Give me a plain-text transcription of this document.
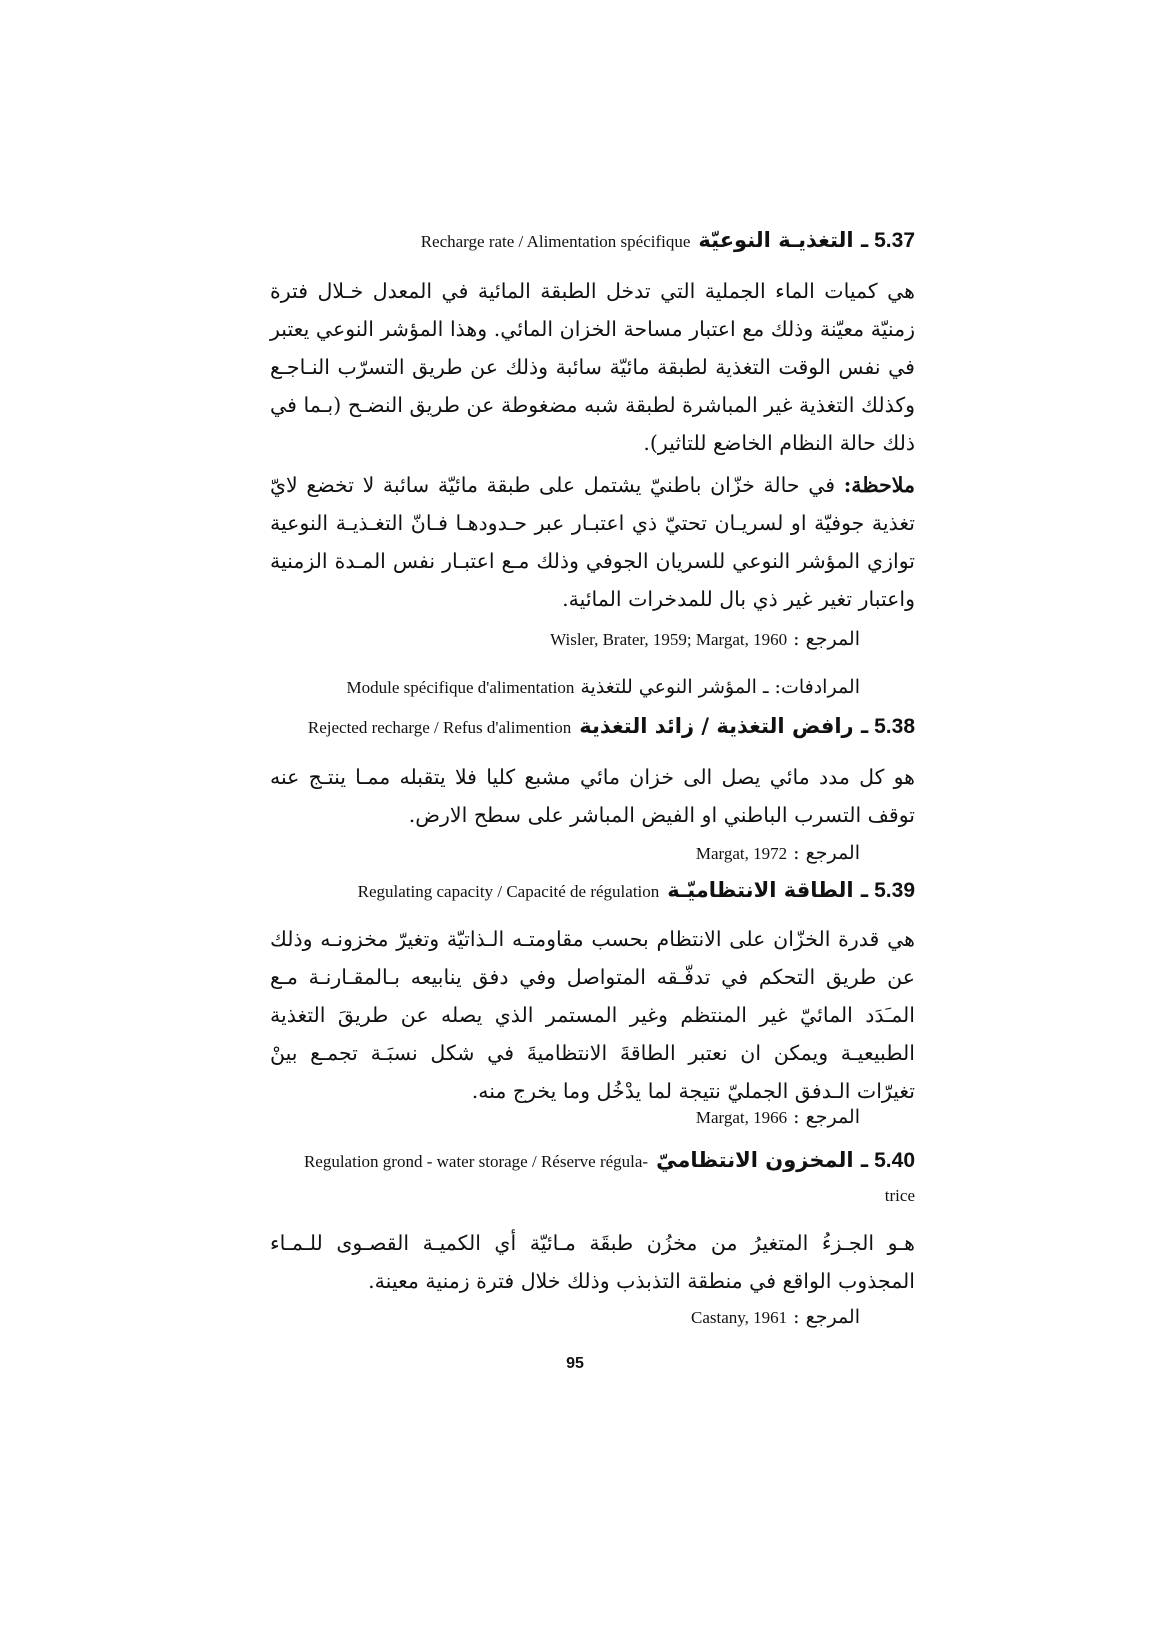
Recharge rate / Alimentation spécifique ـ التغذيـة النوعيّة 5.37
هي كميات الماء الجملية التي تدخل الطبقة المائية في المعدل خـلال فترة زمنيّة معيّنة وذلك مع اعتبار مساحة الخزان المائي. وهذا المؤشر النوعي يعتبر في نفس الوقت التغذية لطبقة مائيّة سائبة وذلك عن طريق التسرّب النـاجـع وكذلك التغذية غير المباشرة لطبقة شبه مضغوطة عن طريق النضـح (بـما في ذلك حالة النظام الخاضع للتاثير).
ملاحظة: في حالة خزّان باطنيّ يشتمل على طبقة مائيّة سائبة لا تخضع لايّ تغذية جوفيّة او لسريـان تحتيّ ذي اعتبـار عبر حـدودهـا فـانّ التغـذيـة النوعية توازي المؤشر النوعي للسريان الجوفي وذلك مـع اعتبـار نفس المـدة الزمنية واعتبار تغير غير ذي بال للمدخرات المائية.
Wisler, Brater, 1959; Margat, 1960 المرجع :
Module spécifique d'alimentation المرادفات: ـ المؤشر النوعي للتغذية
Rejected recharge / Refus d'alimention ـ رافض التغذية / زائد التغذية 5.38
هو كل مدد مائي يصل الى خزان مائي مشبع كليا فلا يتقبله ممـا ينتـج عنه توقف التسرب الباطني او الفيض المباشر على سطح الارض.
Margat, 1972 المرجع :
Regulating capacity / Capacité de régulation ـ الطاقة الانتظاميّـة 5.39
هي قدرة الخزّان على الانتظام بحسب مقاومتـه الـذاتيّة وتغيرّ مخزونـه وذلك عن طريق التحكم في تدفّـقه المتواصل وفي دفق ينابيعه بـالمقـارنـة مـع المـَدَد المائيّ غير المنتظم وغير المستمر الذي يصله عن طريقَ التغذية الطبيعيـة ويمكن ان نعتبر الطاقةَ الانتظاميةَ في شكل نسبَـة تجمـع بينْ تغيرّات الـدفق الجمليّ نتيجة لما يدْخُل وما يخرج منه.
Margat, 1966 المرجع :
Regulation grond - water storage / Réserve régula- ـ المخزون الانتظاميّ 5.40
trice
هـو الجـزءُ المتغيرُ من مخزُن طبقَة مـائيّة أي الكميـة القصـوى للـمـاء المجذوب الواقع في منطقة التذبذب وذلك خلال فترة زمنية معينة.
Castany, 1961 المرجع :
95
